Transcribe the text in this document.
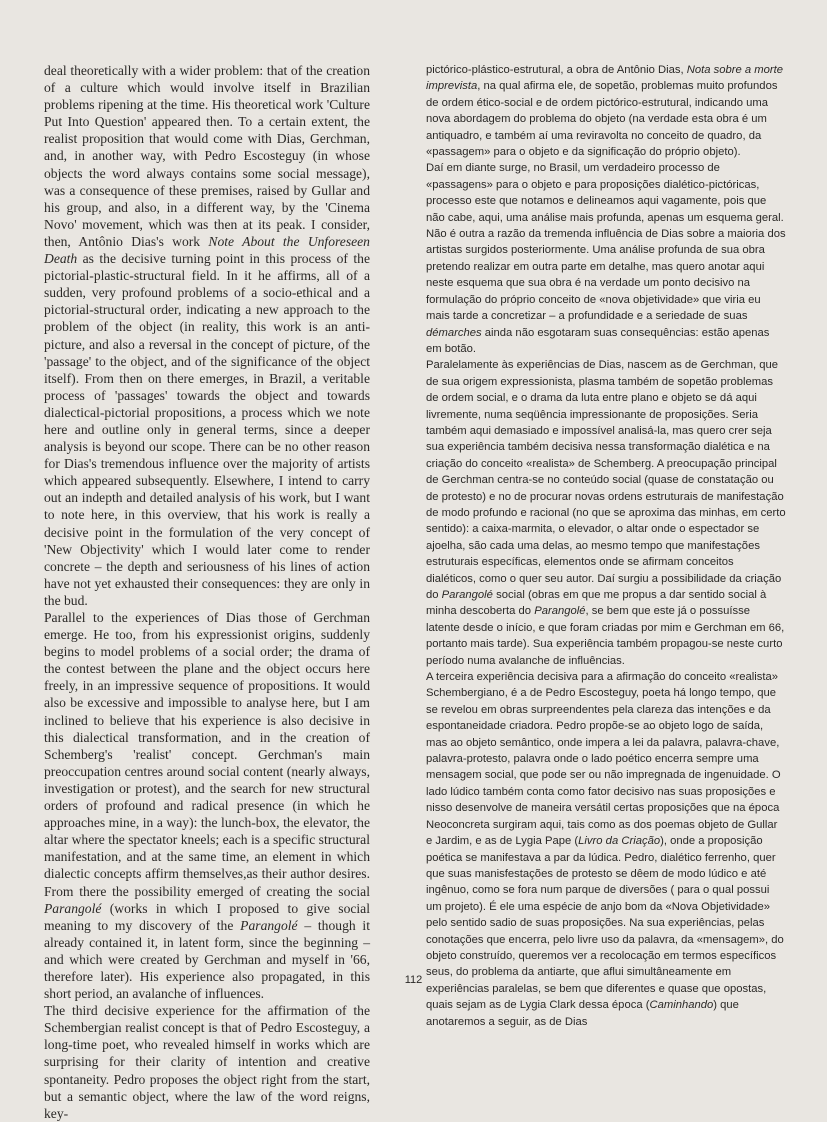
deal theoretically with a wider problem: that of the creation of a culture which would involve itself in Brazilian problems ripening at the time. His theoretical work 'Culture Put Into Question' appeared then. To a certain extent, the realist proposition that would come with Dias, Gerchman, and, in another way, with Pedro Escosteguy (in whose objects the word always contains some social message), was a consequence of these premises, raised by Gullar and his group, and also, in a different way, by the 'Cinema Novo' movement, which was then at its peak. I consider, then, Antônio Dias's work Note About the Unforeseen Death as the decisive turning point in this process of the pictorial-plastic-structural field. In it he affirms, all of a sudden, very profound problems of a socio-ethical and a pictorial-structural order, indicating a new approach to the problem of the object (in reality, this work is an anti-picture, and also a reversal in the concept of picture, of the 'passage' to the object, and of the significance of the object itself). From then on there emerges, in Brazil, a veritable process of 'passages' towards the object and towards dialectical-pictorial propositions, a process which we note here and outline only in general terms, since a deeper analysis is beyond our scope. There can be no other reason for Dias's tremendous influence over the majority of artists which appeared subsequently. Elsewhere, I intend to carry out an indepth and detailed analysis of his work, but I want to note here, in this overview, that his work is really a decisive point in the formulation of the very concept of 'New Objectivity' which I would later come to render concrete – the depth and seriousness of his lines of action have not yet exhausted their consequences: they are only in the bud.

Parallel to the experiences of Dias those of Gerchman emerge. He too, from his expressionist origins, suddenly begins to model problems of a social order; the drama of the contest between the plane and the object occurs here freely, in an impressive sequence of propositions. It would also be excessive and impossible to analyse here, but I am inclined to believe that his experience is also decisive in this dialectical transformation, and in the creation of Schemberg's 'realist' concept. Gerchman's main preoccupation centres around social content (nearly always, investigation or protest), and the search for new structural orders of profound and radical presence (in which he approaches mine, in a way): the lunch-box, the elevator, the altar where the spectator kneels; each is a specific structural manifestation, and at the same time, an element in which dialectic concepts affirm themselves,as their author desires. From there the possibility emerged of creating the social Parangolé (works in which I proposed to give social meaning to my discovery of the Parangolé – though it already contained it, in latent form, since the beginning – and which were created by Gerchman and myself in '66, therefore later). His experience also propagated, in this short period, an avalanche of influences.

The third decisive experience for the affirmation of the Schembergian realist concept is that of Pedro Escosteguy, a long-time poet, who revealed himself in works which are surprising for their clarity of intention and creative spontaneity. Pedro proposes the object right from the start, but a semantic object, where the law of the word reigns, key-

pictórico-plástico-estrutural, a obra de Antônio Dias, Nota sobre a morte imprevista, na qual afirma ele, de sopetão, problemas muito profundos de ordem ético-social e de ordem pictórico-estrutural, indicando uma nova abordagem do problema do objeto (na verdade esta obra é um antiquadro, e também aí uma reviravolta no conceito de quadro, da «passagem» para o objeto e da significação do próprio objeto).

Daí em diante surge, no Brasil, um verdadeiro processo de «passagens» para o objeto e para proposições dialético-pictóricas, processo este que notamos e delineamos aqui vagamente, pois que não cabe, aqui, uma análise mais profunda, apenas um esquema geral. Não é outra a razão da tremenda influência de Dias sobre a maioria dos artistas surgidos posteriormente. Uma análise profunda de sua obra pretendo realizar em outra parte em detalhe, mas quero anotar aqui neste esquema que sua obra é na verdade um ponto decisivo na formulação do próprio conceito de «nova objetividade» que viria eu mais tarde a concretizar – a profundidade e a seriedade de suas démarches ainda não esgotaram suas consequências: estão apenas em botão.

Paralelamente às experiências de Dias, nascem as de Gerchman, que de sua origem expressionista, plasma também de sopetão problemas de ordem social, e o drama da luta entre plano e objeto se dá aqui livremente, numa seqüência impressionante de proposições. Seria também aqui demasiado e impossível analisá-la, mas quero crer seja sua experiência também decisiva nessa transformação dialética e na criação do conceito «realista» de Schemberg. A preocupação principal de Gerchman centra-se no conteúdo social (quase de constatação ou de protesto) e no de procurar novas ordens estruturais de manifestação de modo profundo e racional (no que se aproxima das minhas, em certo sentido): a caixa-marmita, o elevador, o altar onde o espectador se ajoelha, são cada uma delas, ao mesmo tempo que manifestações estruturais específicas, elementos onde se afirmam conceitos dialéticos, como o quer seu autor. Daí surgiu a possibilidade da criação do Parangolé social (obras em que me propus a dar sentido social à minha descoberta do Parangolé, se bem que este já o possuísse latente desde o início, e que foram criadas por mim e Gerchman em 66, portanto mais tarde). Sua experiência também propagou-se neste curto período numa avalanche de influências.

A terceira experiência decisiva para a afirmação do conceito «realista» Schembergiano, é a de Pedro Escosteguy, poeta há longo tempo, que se revelou em obras surpreendentes pela clareza das intenções e da espontaneidade criadora. Pedro propõe-se ao objeto logo de saída, mas ao objeto semântico, onde impera a lei da palavra, palavra-chave, palavra-protesto, palavra onde o lado poético encerra sempre uma mensagem social, que pode ser ou não impregnada de ingenuidade. O lado lúdico também conta como fator decisivo nas suas proposições e nisso desenvolve de maneira versátil certas proposições que na época Neoconcreta surgiram aqui, tais como as dos poemas objeto de Gullar e Jardim, e as de Lygia Pape (Livro da Criação), onde a proposição poética se manifestava a par da lúdica. Pedro, dialético ferrenho, quer que suas manisfestações de protesto se dêem de modo lúdico e até ingênuo, como se fora num parque de diversões ( para o qual possui um projeto). É ele uma espécie de anjo bom da «Nova Objetividade» pelo sentido sadio de suas proposições. Na sua experiências, pelas conotações que encerra, pelo livre uso da palavra, da «mensagem», do objeto construído, queremos ver a recolocação em termos específicos seus, do problema da antiarte, que aflui simultâneamente em experiências paralelas, se bem que diferentes e quase que opostas, quais sejam as de Lygia Clark dessa época (Caminhando) que anotaremos a seguir, as de Dias

112
